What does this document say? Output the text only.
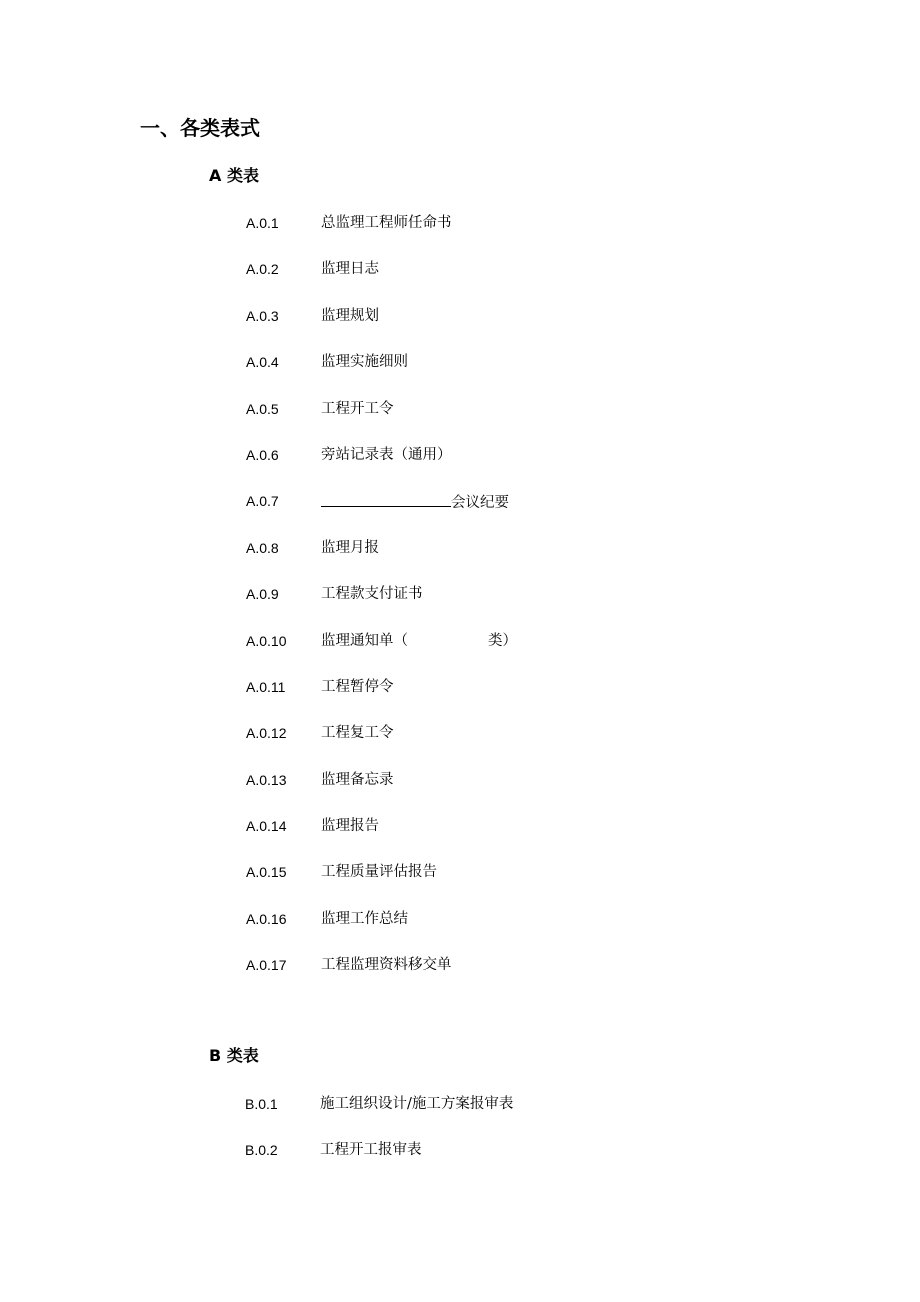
一、各类表式
A 类表
A.0.1	总监理工程师任命书
A.0.2	监理日志
A.0.3	监理规划
A.0.4	监理实施细则
A.0.5	工程开工令
A.0.6	旁站记录表（通用）
A.0.7	会议纪要
A.0.8	监理月报
A.0.9	工程款支付证书
A.0.10	监理通知单（	类）
A.0.11	工程暂停令
A.0.12	工程复工令
A.0.13	监理备忘录
A.0.14	监理报告
A.0.15	工程质量评估报告
A.0.16	监理工作总结
A.0.17	工程监理资料移交单
B 类表
B.0.1	施工组织设计/施工方案报审表
B.0.2	工程开工报审表
